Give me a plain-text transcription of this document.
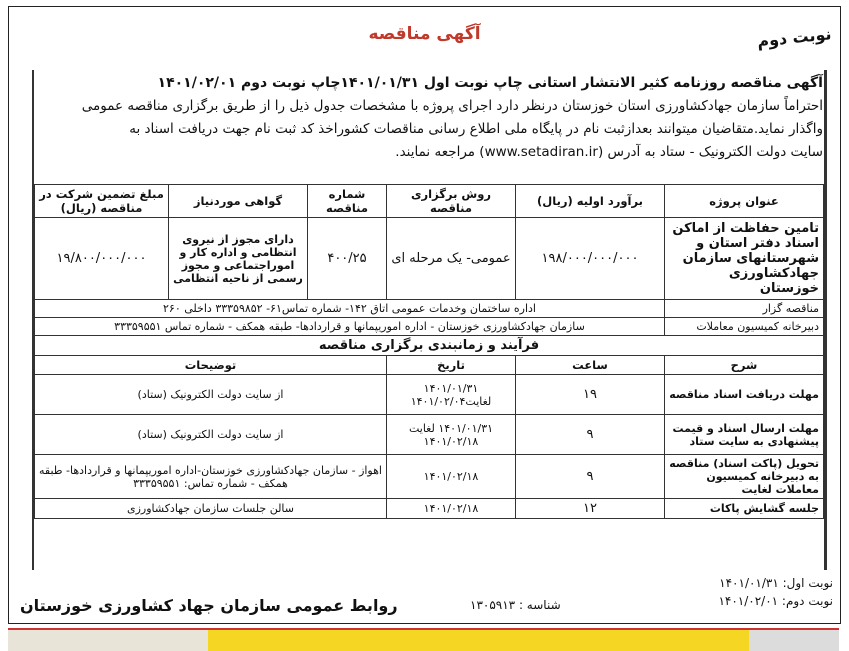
آگهی مناقصه	نوبت دوم

آگهی مناقصه روزنامه کثیر الانتشار استانی چاپ نوبت اول ۱۴۰۱/۰۱/۳۱چاپ نوبت دوم ۱۴۰۱/۰۲/۰۱

احتراماً سازمان جهادکشاورزی استان خوزستان درنظر دارد اجرای پروژه با مشخصات جدول ذیل را از طریق برگزاری مناقصه عمومی

واگذار نماید.متقاضیان میتوانند بعدازثبت نام در پایگاه ملی اطلاع رسانی مناقصات کشوراخذ کد ثبت نام جهت دریافت اسناد به

سایت دولت الکترونیک - ستاد به آدرس (www.setadiran.ir) مراجعه نمایند.

عنوان پروژه	برآورد اولیه (ریال)	روش برگزاری مناقصه	شماره مناقصه	گواهی موردنیاز	مبلغ تضمین شرکت در مناقصه (ریال)
تامین حفاظت از اماکن اسناد دفتر استان و شهرستانهای سازمان جهادکشاورزی خوزستان	۱۹۸/۰۰۰/۰۰۰/۰۰۰	عمومی- یک مرحله ای	۴۰۰/۲۵	دارای مجوز از نیروی انتظامی و اداره کار و اموراجتماعی و مجوز رسمی از ناحیه انتظامی	۱۹/۸۰۰/۰۰۰/۰۰۰
مناقصه گزار	اداره ساختمان وخدمات عمومی اتاق ۱۴۲- شماره تماس۶۱- ۳۳۳۵۹۸۵۲ داخلی ۲۶۰				
دبیرخانه کمیسیون معاملات	سازمان جهادکشاورزی خوزستان - اداره اموریپمانها و قراردادها- طبقه همکف - شماره تماس ۳۳۳۵۹۵۵۱				
فرآیند و زمانبندی برگزاری مناقصه					
شرح	ساعت	تاریخ	توضیحات		
مهلت دریافت اسناد مناقصه	۱۹	۱۴۰۱/۰۱/۳۱ لغایت۱۴۰۱/۰۲/۰۴	از سایت دولت الکترونیک (ستاد)		
مهلت ارسال اسناد و قیمت پیشنهادی به سایت ستاد	۹	۱۴۰۱/۰۱/۳۱ لغایت ۱۴۰۱/۰۲/۱۸	از سایت دولت الکترونیک (ستاد)		
تحویل (پاکت اسناد) مناقصه به دبیرخانه کمیسیون معاملات لغایت	۹	۱۴۰۱/۰۲/۱۸	اهواز - سازمان جهادکشاورزی خوزستان-اداره اموریپمانها و قراردادها- طبقه همکف - شماره تماس: ۳۳۳۵۹۵۵۱		
جلسه گشایش پاکات	۱۲	۱۴۰۱/۰۲/۱۸	سالن جلسات سازمان جهادکشاورزی		
نوبت اول: ۱۴۰۱/۰۱/۳۱
نوبت دوم: ۱۴۰۱/۰۲/۰۱
شناسه : ۱۳۰۵۹۱۳
روابط عمومی سازمان جهاد کشاورزی خوزستان
